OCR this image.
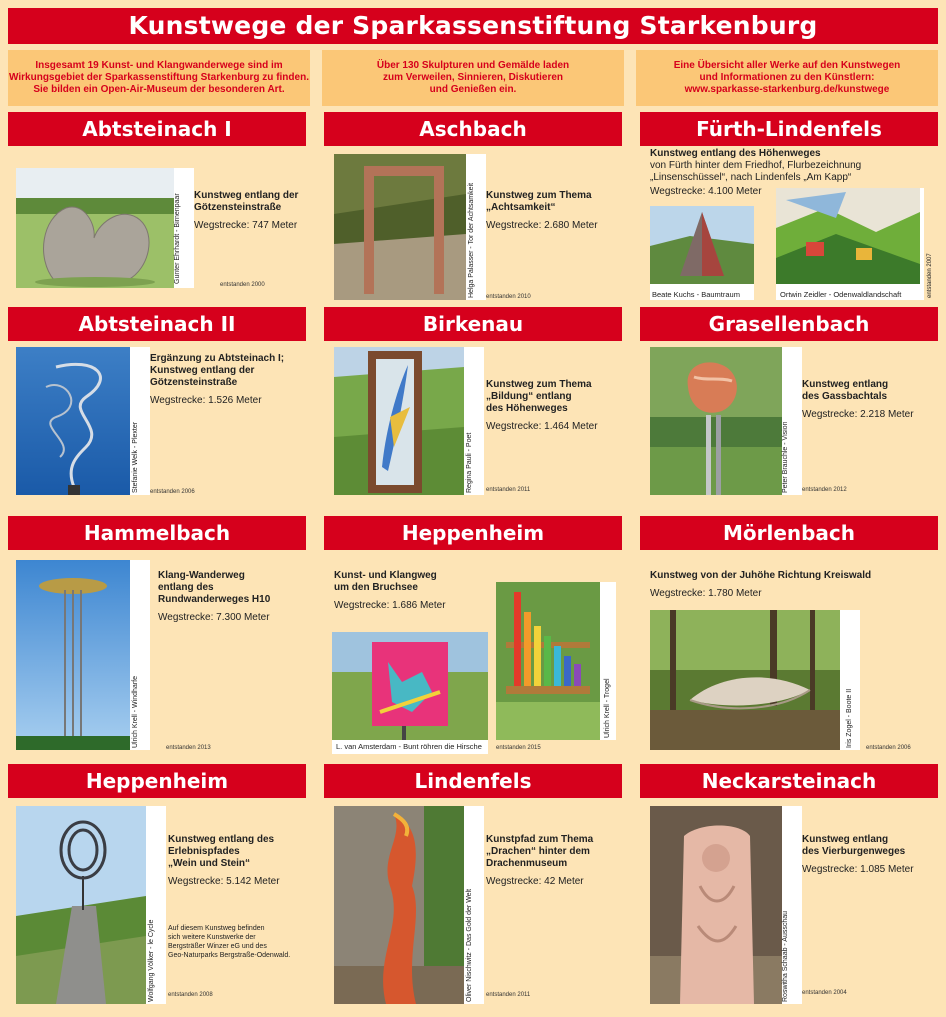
Kunstwege der Sparkassenstiftung Starkenburg
Insgesamt 19 Kunst- und Klangwanderwege sind im
Wirkungsgebiet der Sparkassenstiftung Starkenburg zu finden.
Sie bilden ein Open-Air-Museum der besonderen Art.
Über 130 Skulpturen und Gemälde laden
zum Verweilen, Sinnieren, Diskutieren
und Genießen ein.
Eine Übersicht aller Werke auf den Kunstwegen
und Informationen zu den Künstlern:
www.sparkasse-starkenburg.de/kunstwege
Abtsteinach I
Gunter Ehrhardt - Birnenpaar Kunstweg entlang der
Götzensteinstraße
Wegstrecke: 747 Meter
entstanden 2000
Aschbach
Helga Palasser - Tor der Achtsamkeit Kunstweg zum Thema
„Achtsamkeit“
Wegstrecke: 2.680 Meter
entstanden 2010
Fürth-Lindenfels
Kunstweg entlang des Höhenweges
von Fürth hinter dem Friedhof, Flurbezeichnung
„Linsenschüssel“, nach Lindenfels „Am Kapp“
Wegstrecke: 4.100 Meter
Beate Kuchs - Baumtraum	Ortwin Zeidler - Odenwaldlandschaft	entstanden 2007
Abtsteinach II
Stefanie Welk - Plexter
Ergänzung zu Abtsteinach I;
Kunstweg entlang der
Götzensteinstraße
Wegstrecke: 1.526 Meter
entstanden 2006
Birkenau
Regina Pauli - Poet
Kunstweg zum Thema
„Bildung“ entlang
des Höhenweges
Wegstrecke: 1.464 Meter
entstanden 2011
Grasellenbach
Peter Brauchle - Vision
Kunstweg entlang
des Gassbachtals
Wegstrecke: 2.218 Meter
entstanden 2012
Hammelbach
Ulrich Krell - Windharfe
Klang-Wanderweg
entlang des
Rundwanderweges H10
Wegstrecke: 7.300 Meter
entstanden 2013
Heppenheim
Kunst- und Klangweg
um den Bruchsee
Wegstrecke: 1.686 Meter
L. van Amsterdam - Bunt röhren die Hirsche
Ulrich Krell - Trogel
entstanden 2015
Mörlenbach
Kunstweg von der Juhöhe Richtung Kreiswald
Wegstrecke: 1.780 Meter
Iris Zogel - Boote II entstanden 2006
Heppenheim
Wolfgang Völker - le Cycle
Kunstweg entlang des
Erlebnispfades
„Wein und Stein“
Wegstrecke: 5.142 Meter
Auf diesem Kunstweg befinden
sich weitere Kunstwerke der
Bergsträßer Winzer eG und des
Geo-Naturparks Bergstraße-Odenwald.
entstanden 2008
Lindenfels
Oliver Nischwitz - Das Gold der Welt
Kunstpfad zum Thema
„Drachen“ hinter dem
Drachenmuseum
Wegstrecke: 42 Meter
entstanden 2011
Neckarsteinach
Roswitha Schaab - Ausschau
Kunstweg entlang
des Vierburgenweges
Wegstrecke: 1.085 Meter
entstanden 2004
